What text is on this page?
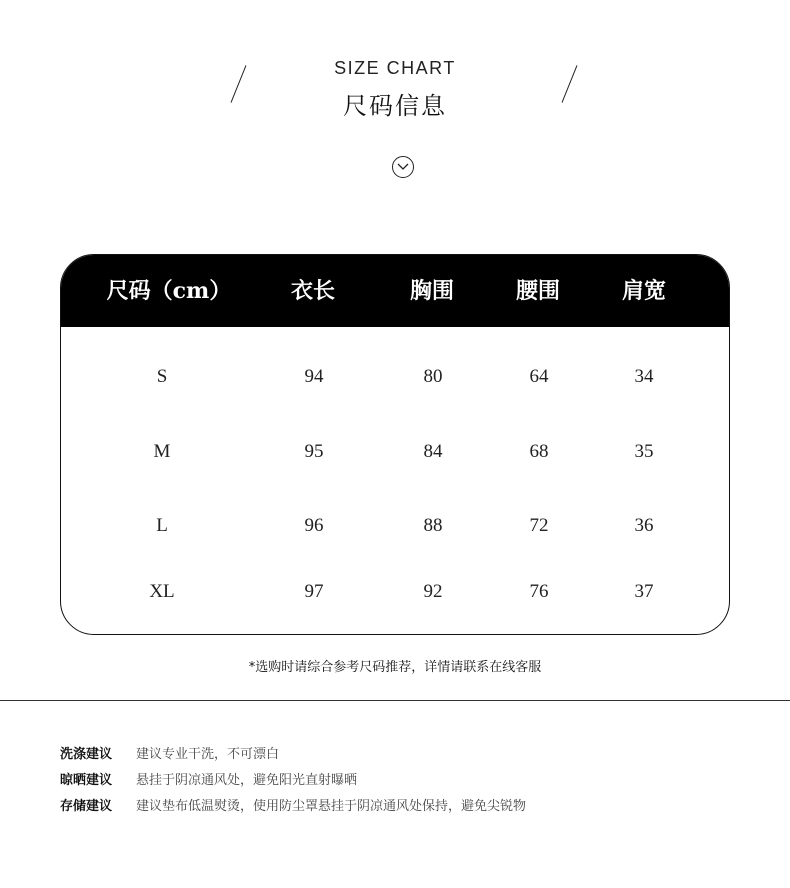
SIZE CHART
尺码信息
尺码（cm）	衣长	胸围	腰围	肩宽
S	94	80	64	34
M	95	84	68	35
L	96	88	72	36
XL	97	92	76	37
*选购时请综合参考尺码推荐，详情请联系在线客服
洗涤建议 建议专业干洗，不可漂白
晾晒建议 悬挂于阴凉通风处，避免阳光直射曝晒
存储建议 建议垫布低温熨烫，使用防尘罩悬挂于阴凉通风处保持，避免尖锐物
